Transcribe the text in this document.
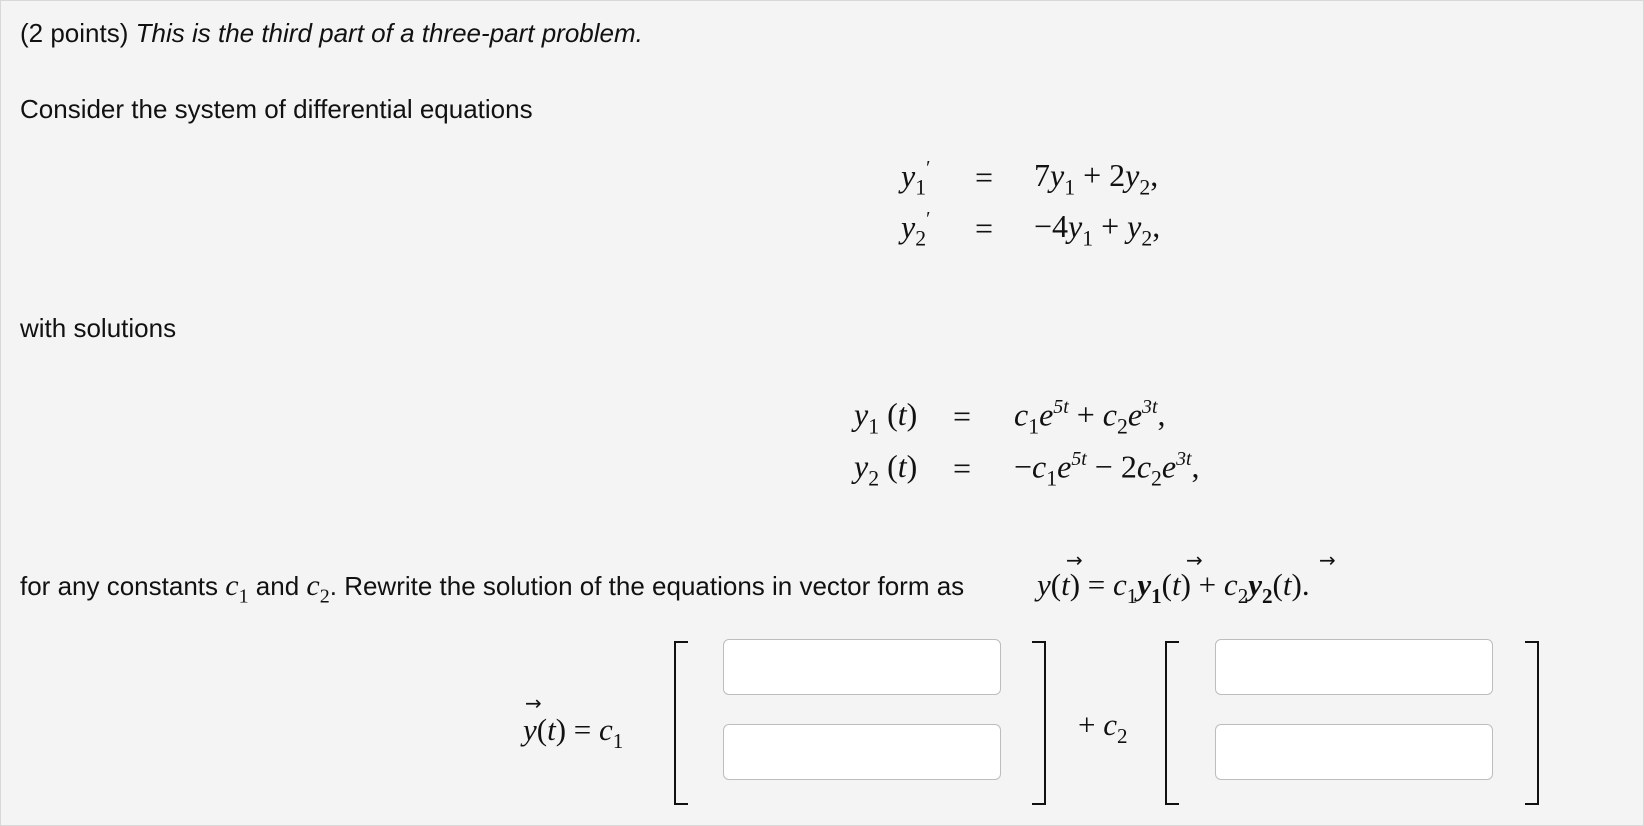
(2 points) This is the third part of a three-part problem.
Consider the system of differential equations
$y_1' = 7y_1 + 2y_2$,
$y_2' = -4y_1 + y_2$,
with solutions
$y_1$ $(t) = c_1e^{5t} + c_2e^{3t}$,
$y_2$ $(t) = -c_1e^{5t} - 2c_2e^{3t}$,
for any constants $c_1$ and $c_2$. Rewrite the solution of the equations in vector form as $y(t) = c_1y_1(t) + c_2y_2(t)$.
→	→	→
$y(t) = c_1$
→
+ $c_2$
